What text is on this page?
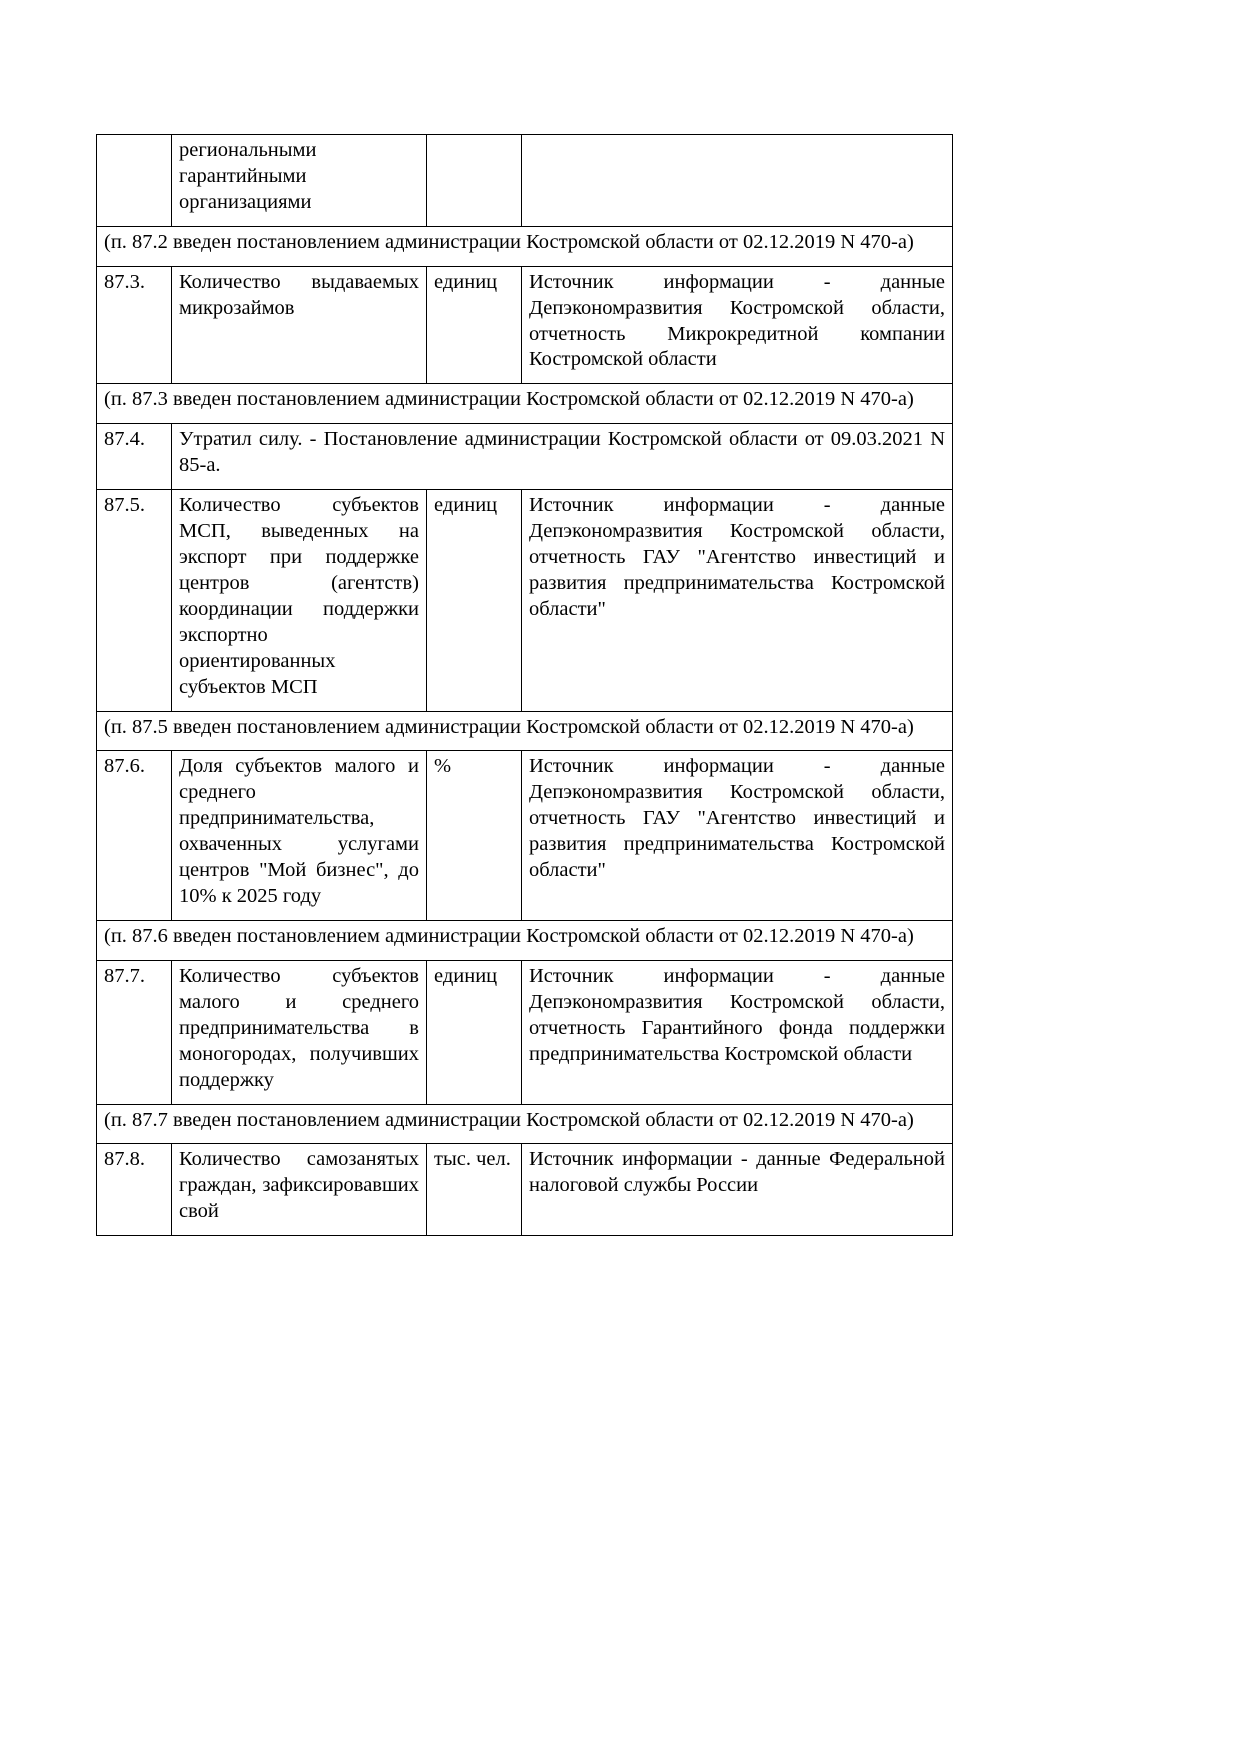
	региональными гарантийными организациями		
(п. 87.2 введен постановлением администрации Костромской области от 02.12.2019 N 470-а)			
87.3.	Количество выдаваемых микрозаймов	единиц	Источник информации - данные Депэкономразвития Костромской области, отчетность Микрокредитной компании Костромской области
(п. 87.3 введен постановлением администрации Костромской области от 02.12.2019 N 470-а)			
87.4.	Утратил силу. - Постановление администрации Костромской области от 09.03.2021 N 85-а.		
87.5.	Количество субъектов МСП, выведенных на экспорт при поддержке центров (агентств) координации поддержки экспортно ориентированных субъектов МСП	единиц	Источник информации - данные Депэкономразвития Костромской области, отчетность ГАУ "Агентство инвестиций и развития предпринимательства Костромской области"
(п. 87.5 введен постановлением администрации Костромской области от 02.12.2019 N 470-а)			
87.6.	Доля субъектов малого и среднего предпринимательства, охваченных услугами центров "Мой бизнес", до 10% к 2025 году	%	Источник информации - данные Депэкономразвития Костромской области, отчетность ГАУ "Агентство инвестиций и развития предпринимательства Костромской области"
(п. 87.6 введен постановлением администрации Костромской области от 02.12.2019 N 470-а)			
87.7.	Количество субъектов малого и среднего предпринимательства в моногородах, получивших поддержку	единиц	Источник информации - данные Депэкономразвития Костромской области, отчетность Гарантийного фонда поддержки предпринимательства Костромской области
(п. 87.7 введен постановлением администрации Костромской области от 02.12.2019 N 470-а)			
87.8.	Количество самозанятых граждан, зафиксировавших свой	тыс. чел.	Источник информации - данные Федеральной налоговой службы России
